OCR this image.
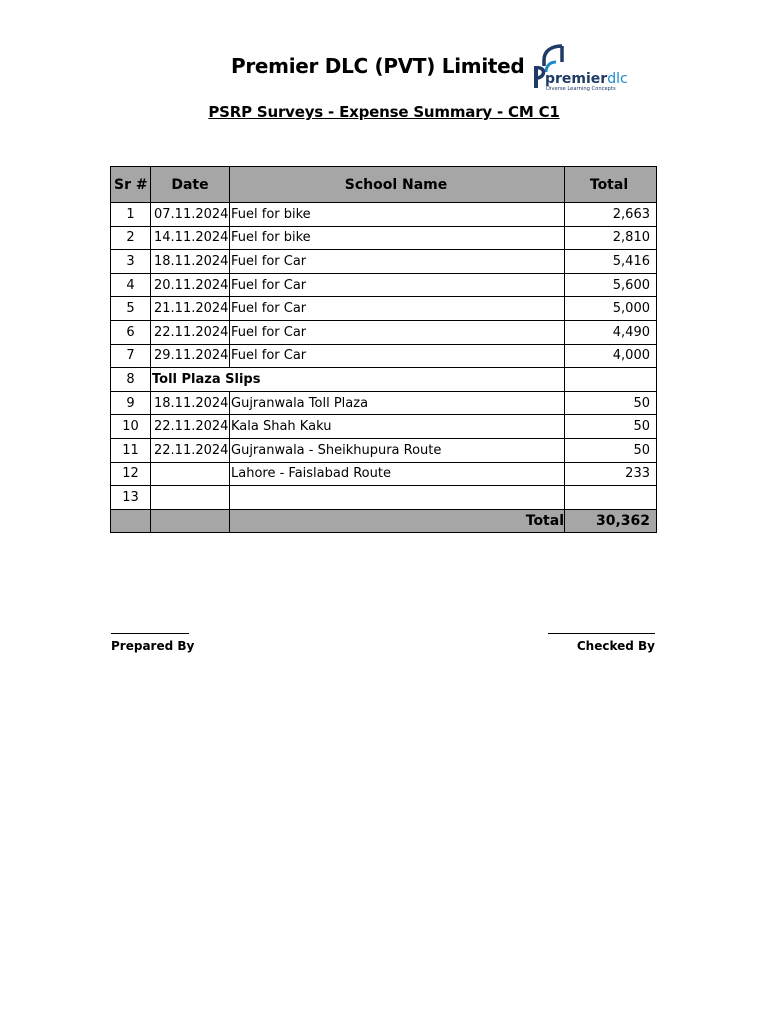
Premier DLC (PVT) Limited
premierdlc
Diverse Learning Concepts
PSRP Surveys - Expense Summary - CM C1
Sr #	Date	School Name	Total
1	07.11.2024	Fuel for bike	2,663
2	14.11.2024	Fuel for bike	2,810
3	18.11.2024	Fuel for Car	5,416
4	20.11.2024	Fuel for Car	5,600
5	21.11.2024	Fuel for Car	5,000
6	22.11.2024	Fuel for Car	4,490
7	29.11.2024	Fuel for Car	4,000
8	Toll Plaza Slips		
9	18.11.2024	Gujranwala Toll Plaza	50
10	22.11.2024	Kala Shah Kaku	50
11	22.11.2024	Gujranwala - Sheikhupura Route	50
12		Lahore - Faislabad Route	233
13			
		Total	30,362
Prepared By	Checked By
